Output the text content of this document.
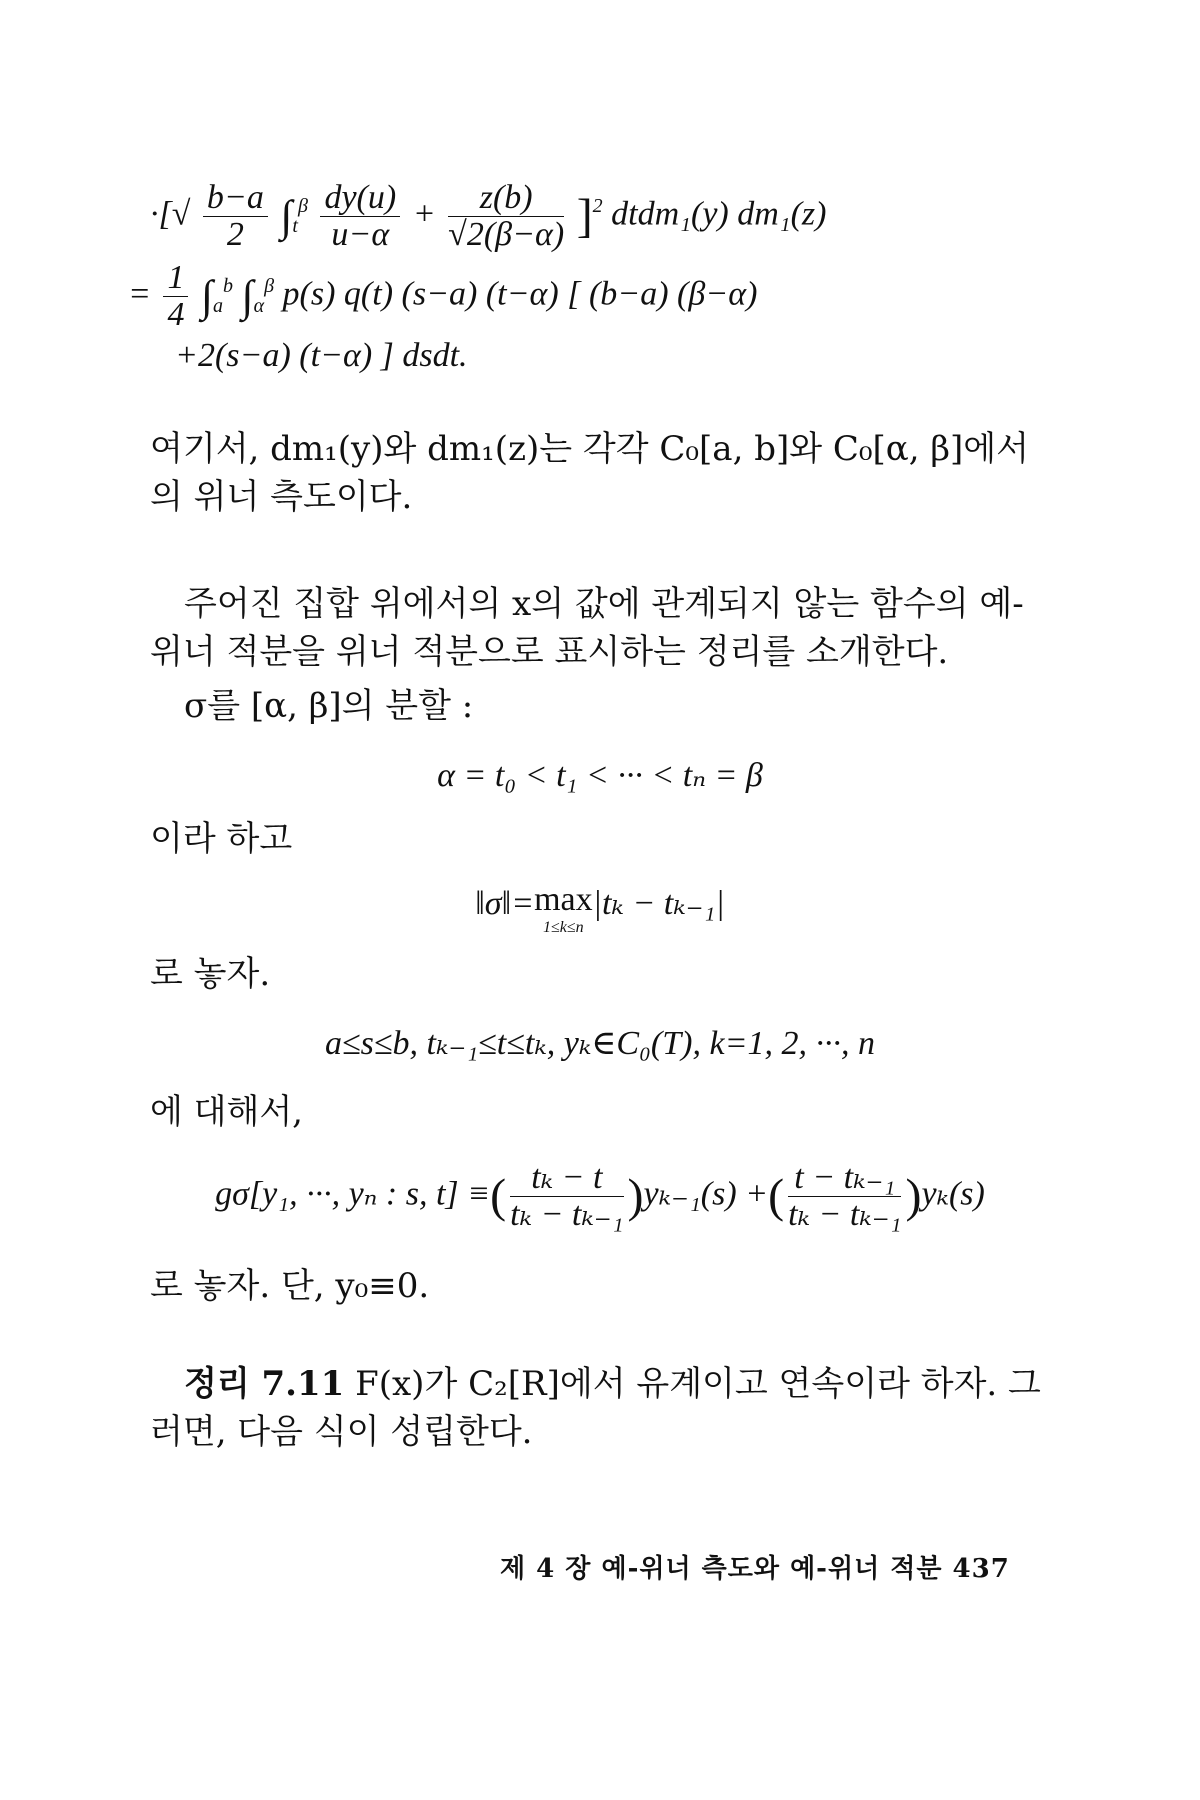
·[√ $\frac{b-a}{2} \int_t^\beta \frac{dy(u)}{u-\alpha} + \frac{z(b)}{√2(\beta-\alpha)} ]^2$ dtdm₁(y) dm₁(z)
= $\frac{1}{4} \int_a^b$ $\int_\alpha^\beta$ p(s) q(t) (s−a) (t−α) [ (b−a) (β−α)
+2(s−a) (t−α) ] dsdt.
여기서, dm₁(y)와 dm₁(z)는 각각 C₀[a, b]와 C₀[α, β]에서의 위너 측도이다.
주어진 집합 위에서의 x의 값에 관계되지 않는 함수의 예-위너 적분을 위너 적분으로 표시하는 정리를 소개한다.
σ를 [α, β]의 분할 :
α = t₀ < t₁ < ··· < tₙ = β
이라 하고
‖σ‖= max
1≤k≤n
|tₖ − tₖ₋₁|
로 놓자.
a≤s≤b, tₖ₋₁≤t≤tₖ, yₖ∈C₀(T), k=1, 2, ···, n
에 대해서,
gσ[y₁, ···, yₙ : s, t] ≡( $\frac{\text{tₖ − t}}{\text{tₖ − tₖ₋₁}} )y_{k-1}(s)$ +( $\frac{\text{t − tₖ₋₁}}{\text{tₖ − tₖ₋₁}} )y_k(s)$
로 놓자. 단, y₀≡0.
정리 7.11 F(x)가 C₂[R]에서 유계이고 연속이라 하자. 그러면, 다음 식이 성립한다.
제 4 장 예-위너 측도와 예-위너 적분 437
